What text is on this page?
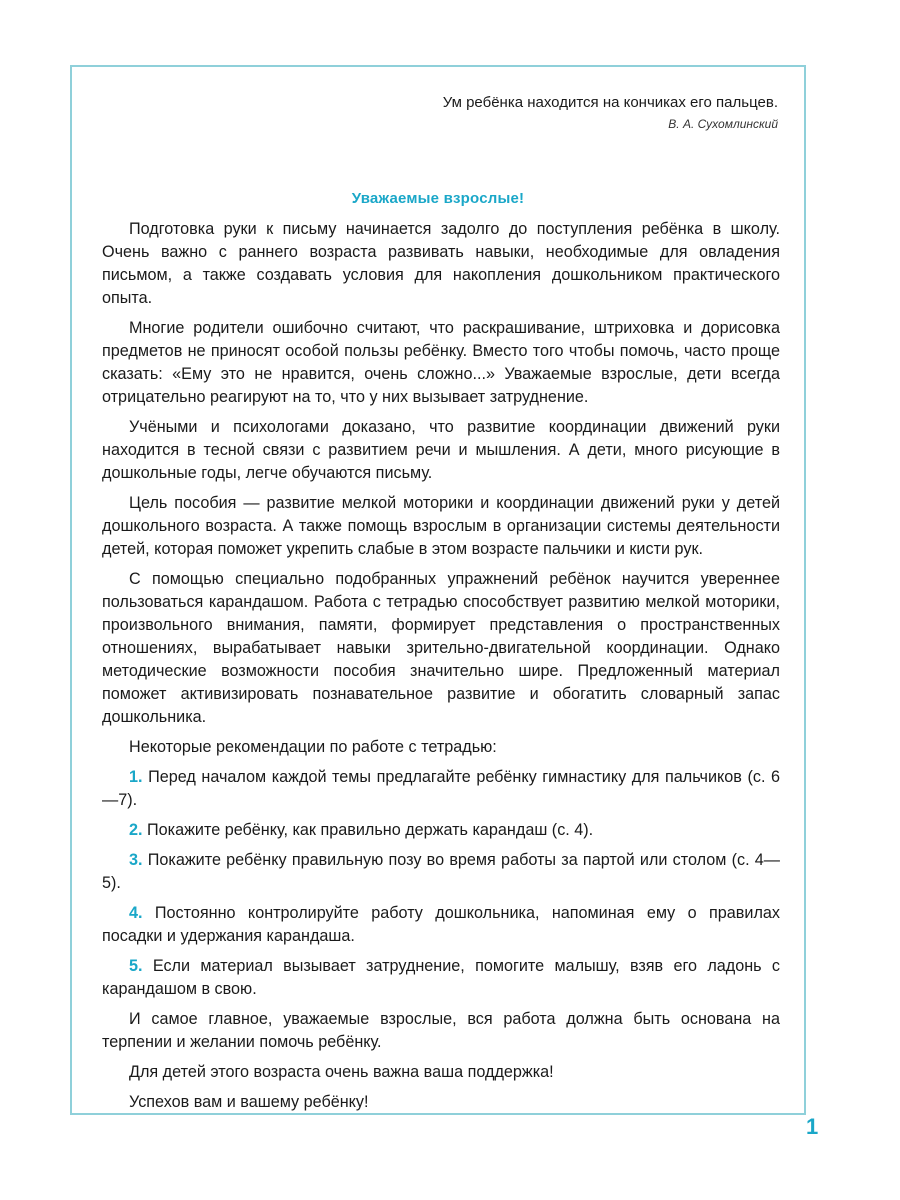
Ум ребёнка находится на кончиках его пальцев.
В. А. Сухомлинский
Уважаемые взрослые!

Подготовка руки к письму начинается задолго до поступления ребёнка в школу. Очень важно с раннего возраста развивать навыки, необходимые для овладения письмом, а также создавать условия для накопления дошкольником практического опыта.

Многие родители ошибочно считают, что раскрашивание, штриховка и дорисовка предметов не приносят особой пользы ребёнку. Вместо того чтобы помочь, часто проще сказать: «Ему это не нравится, очень сложно...» Уважаемые взрослые, дети всегда отрицательно реагируют на то, что у них вызывает затруднение.

Учёными и психологами доказано, что развитие координации движений руки находится в тесной связи с развитием речи и мышления. А дети, много рисующие в дошкольные годы, легче обучаются письму.

Цель пособия — развитие мелкой моторики и координации движений руки у детей дошкольного возраста. А также помощь взрослым в организации системы деятельности детей, которая поможет укрепить слабые в этом возрасте пальчики и кисти рук.

С помощью специально подобранных упражнений ребёнок научится увереннее пользоваться карандашом. Работа с тетрадью способствует развитию мелкой моторики, произвольного внимания, памяти, формирует представления о пространственных отношениях, вырабатывает навыки зрительно-двигательной координации. Однако методические возможности пособия значительно шире. Предложенный материал поможет активизировать познавательное развитие и обогатить словарный запас дошкольника.

Некоторые рекомендации по работе с тетрадью:

1. Перед началом каждой темы предлагайте ребёнку гимнастику для пальчиков (с. 6—7).

2. Покажите ребёнку, как правильно держать карандаш (с. 4).

3. Покажите ребёнку правильную позу во время работы за партой или столом (с. 4—5).

4. Постоянно контролируйте работу дошкольника, напоминая ему о правилах посадки и удержания карандаша.

5. Если материал вызывает затруднение, помогите малышу, взяв его ладонь с карандашом в свою.

И самое главное, уважаемые взрослые, вся работа должна быть основана на терпении и желании помочь ребёнку.

Для детей этого возраста очень важна ваша поддержка!

Успехов вам и вашему ребёнку!

1
